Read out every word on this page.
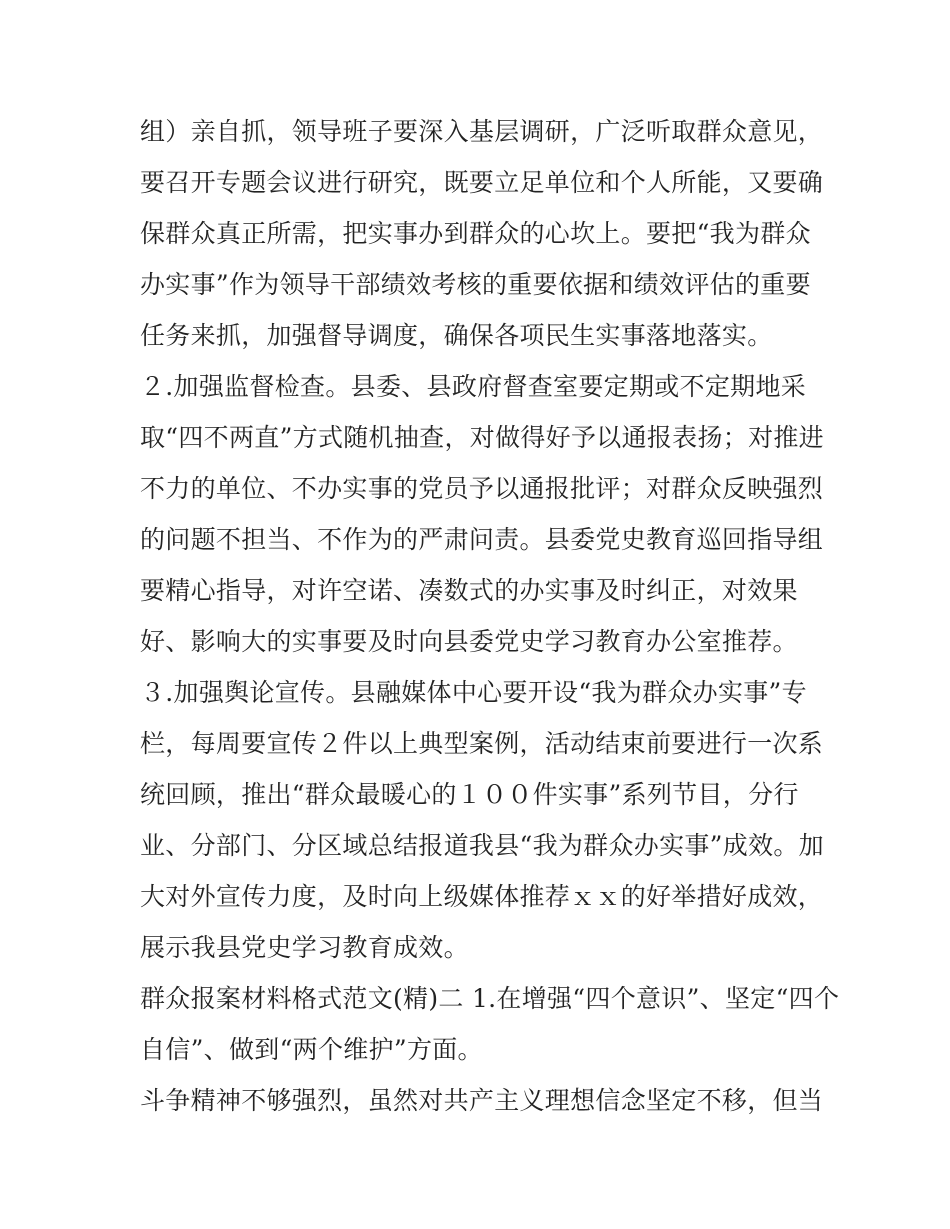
组）亲自抓，领导班子要深入基层调研，广泛听取群众意见，
要召开专题会议进行研究，既要立足单位和个人所能，又要确
保群众真正所需，把实事办到群众的心坎上。要把“我为群众
办实事”作为领导干部绩效考核的重要依据和绩效评估的重要
任务来抓，加强督导调度，确保各项民生实事落地落实。
２.加强监督检查。县委、县政府督查室要定期或不定期地采
取“四不两直”方式随机抽查，对做得好予以通报表扬；对推进
不力的单位、不办实事的党员予以通报批评；对群众反映强烈
的问题不担当、不作为的严肃问责。县委党史教育巡回指导组
要精心指导，对许空诺、凑数式的办实事及时纠正，对效果
好、影响大的实事要及时向县委党史学习教育办公室推荐。
３.加强舆论宣传。县融媒体中心要开设“我为群众办实事”专
栏，每周要宣传２件以上典型案例，活动结束前要进行一次系
统回顾，推出“群众最暖心的１００件实事”系列节目，分行
业、分部门、分区域总结报道我县“我为群众办实事”成效。加
大对外宣传力度，及时向上级媒体推荐ｘｘ的好举措好成效，
展示我县党史学习教育成效。
群众报案材料格式范文(精)二 1.在增强“四个意识”、坚定“四个
自信”、做到“两个维护”方面。
斗争精神不够强烈，虽然对共产主义理想信念坚定不移，但当
